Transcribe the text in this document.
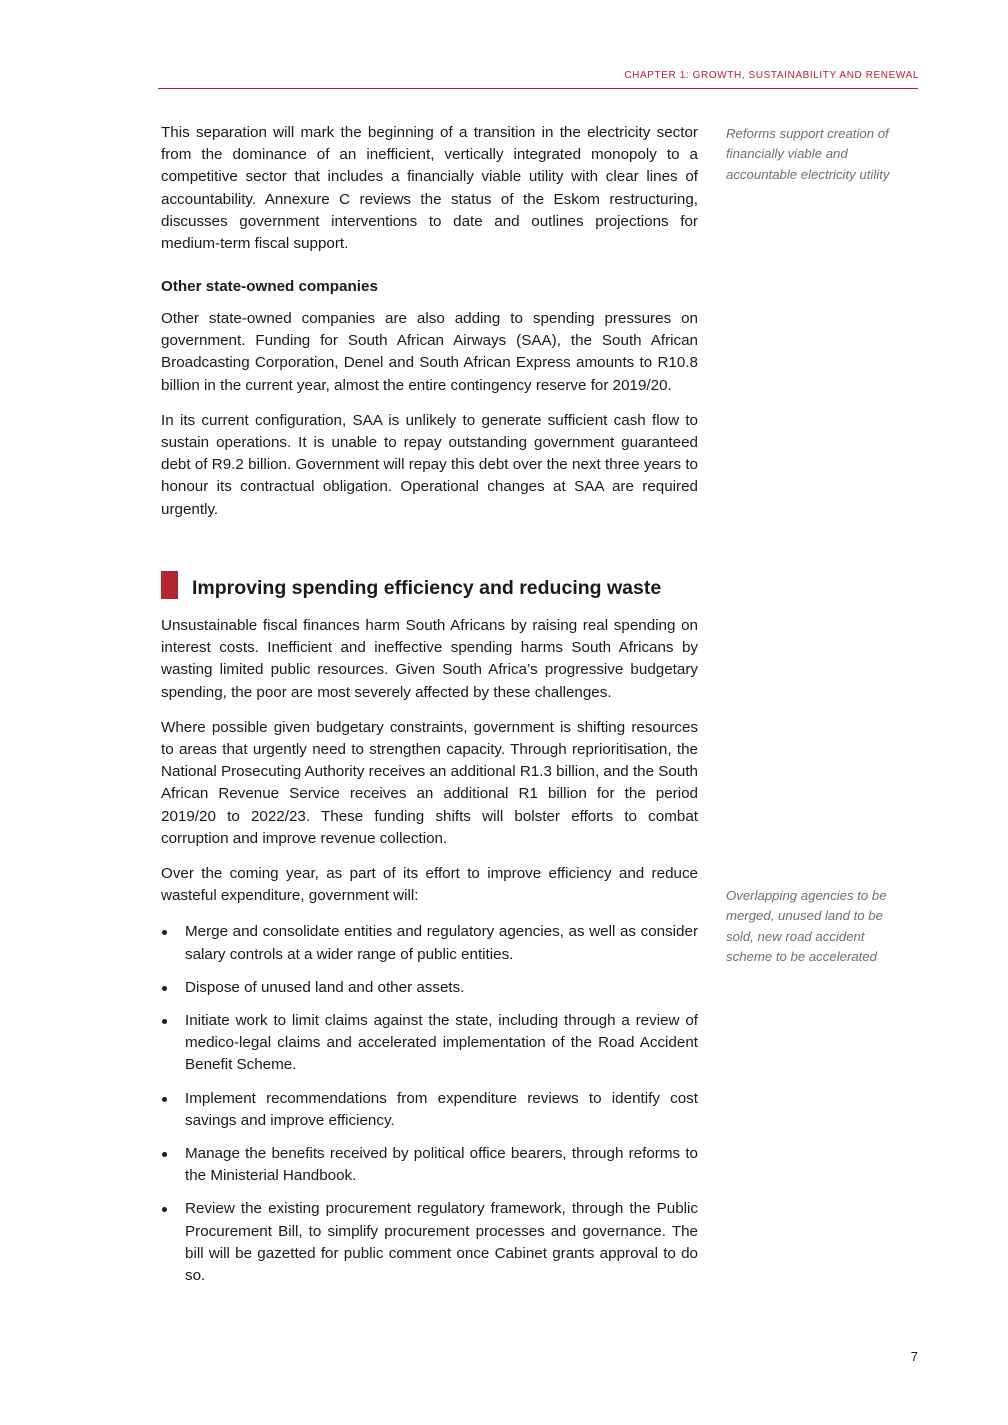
CHAPTER 1: GROWTH, SUSTAINABILITY AND RENEWAL

This separation will mark the beginning of a transition in the electricity sector from the dominance of an inefficient, vertically integrated monopoly to a competitive sector that includes a financially viable utility with clear lines of accountability. Annexure C reviews the status of the Eskom restructuring, discusses government interventions to date and outlines projections for medium-term fiscal support.

Other state-owned companies

Other state-owned companies are also adding to spending pressures on government. Funding for South African Airways (SAA), the South African Broadcasting Corporation, Denel and South African Express amounts to R10.8 billion in the current year, almost the entire contingency reserve for 2019/20.

In its current configuration, SAA is unlikely to generate sufficient cash flow to sustain operations. It is unable to repay outstanding government guaranteed debt of R9.2 billion. Government will repay this debt over the next three years to honour its contractual obligation. Operational changes at SAA are required urgently.

Improving spending efficiency and reducing waste

Unsustainable fiscal finances harm South Africans by raising real spending on interest costs. Inefficient and ineffective spending harms South Africans by wasting limited public resources. Given South Africa’s progressive budgetary spending, the poor are most severely affected by these challenges.

Where possible given budgetary constraints, government is shifting resources to areas that urgently need to strengthen capacity. Through reprioritisation, the National Prosecuting Authority receives an additional R1.3 billion, and the South African Revenue Service receives an additional R1 billion for the period 2019/20 to 2022/23. These funding shifts will bolster efforts to combat corruption and improve revenue collection.

Over the coming year, as part of its effort to improve efficiency and reduce wasteful expenditure, government will:

Merge and consolidate entities and regulatory agencies, as well as consider salary controls at a wider range of public entities.
Dispose of unused land and other assets.
Initiate work to limit claims against the state, including through a review of medico-legal claims and accelerated implementation of the Road Accident Benefit Scheme.
Implement recommendations from expenditure reviews to identify cost savings and improve efficiency.
Manage the benefits received by political office bearers, through reforms to the Ministerial Handbook.
Review the existing procurement regulatory framework, through the Public Procurement Bill, to simplify procurement processes and governance. The bill will be gazetted for public comment once Cabinet grants approval to do so.
Reforms support creation of financially viable and accountable electricity utility
Overlapping agencies to be merged, unused land to be sold, new road accident scheme to be accelerated
7
